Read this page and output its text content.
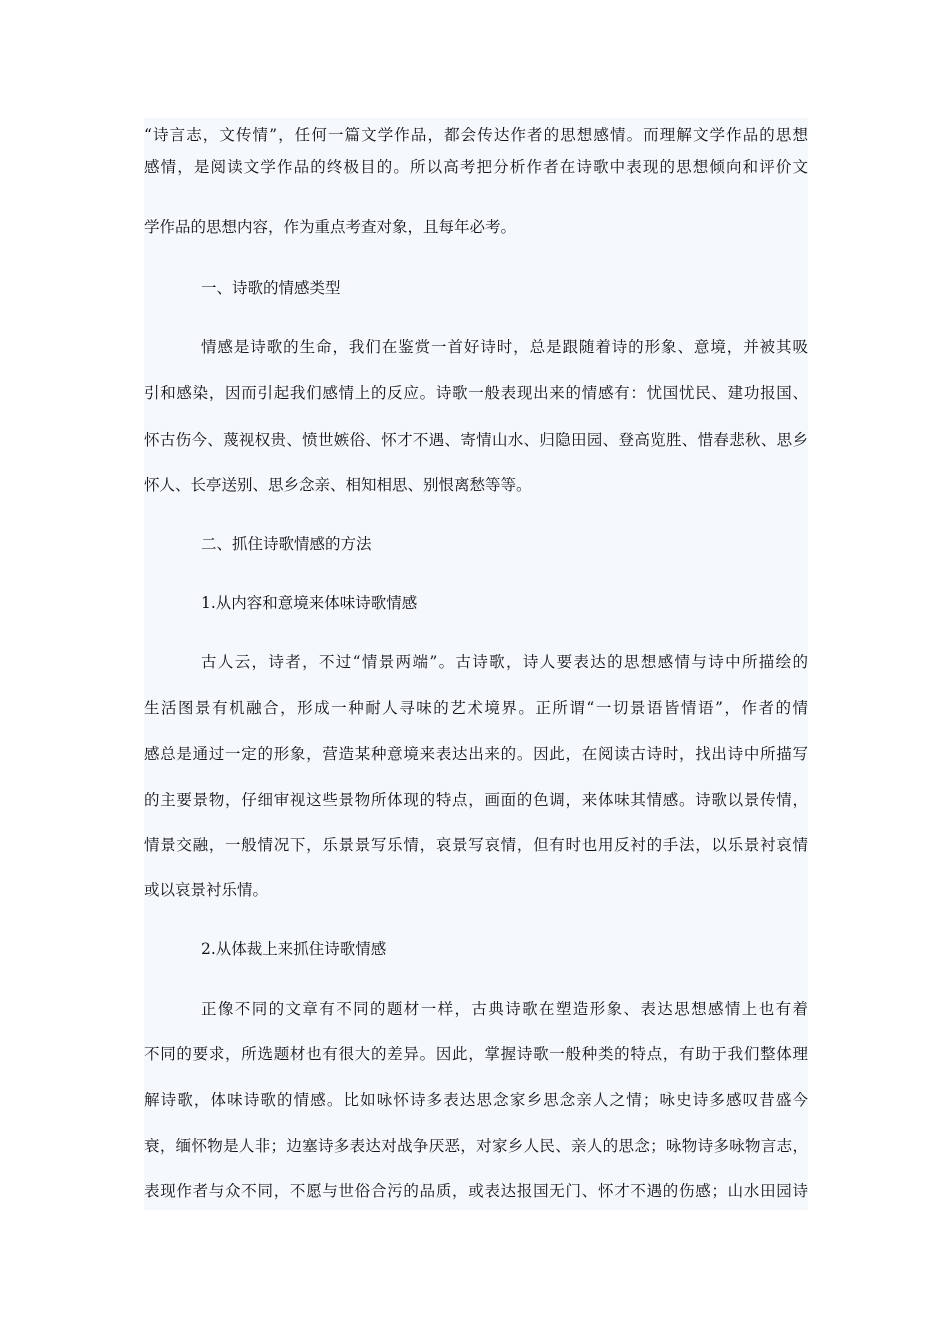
“诗言志，文传情”，任何一篇文学作品，都会传达作者的思想感情。而理解文学作品的思想

感情，是阅读文学作品的终极目的。所以高考把分析作者在诗歌中表现的思想倾向和评价文

学作品的思想内容，作为重点考查对象，且每年必考。

一、诗歌的情感类型

情感是诗歌的生命，我们在鉴赏一首好诗时，总是跟随着诗的形象、意境，并被其吸

引和感染，因而引起我们感情上的反应。诗歌一般表现出来的情感有：忧国忧民、建功报国、

怀古伤今、蔑视权贵、愤世嫉俗、怀才不遇、寄情山水、归隐田园、登高览胜、惜春悲秋、思乡

怀人、长亭送别、思乡念亲、相知相思、别恨离愁等等。

二、抓住诗歌情感的方法

1.从内容和意境来体味诗歌情感

古人云，诗者，不过“情景两端”。古诗歌，诗人要表达的思想感情与诗中所描绘的

生活图景有机融合，形成一种耐人寻味的艺术境界。正所谓“一切景语皆情语”，作者的情

感总是通过一定的形象，营造某种意境来表达出来的。因此，在阅读古诗时，找出诗中所描写

的主要景物，仔细审视这些景物所体现的特点，画面的色调，来体味其情感。诗歌以景传情，

情景交融，一般情况下，乐景景写乐情，哀景写哀情，但有时也用反衬的手法，以乐景衬哀情

或以哀景衬乐情。

2.从体裁上来抓住诗歌情感

正像不同的文章有不同的题材一样，古典诗歌在塑造形象、表达思想感情上也有着

不同的要求，所选题材也有很大的差异。因此，掌握诗歌一般种类的特点，有助于我们整体理

解诗歌，体味诗歌的情感。比如咏怀诗多表达思念家乡思念亲人之情；咏史诗多感叹昔盛今

衰，缅怀物是人非；边塞诗多表达对战争厌恶，对家乡人民、亲人的思念；咏物诗多咏物言志，

表现作者与众不同，不愿与世俗合污的品质，或表达报国无门、怀才不遇的伤感；山水田园诗
